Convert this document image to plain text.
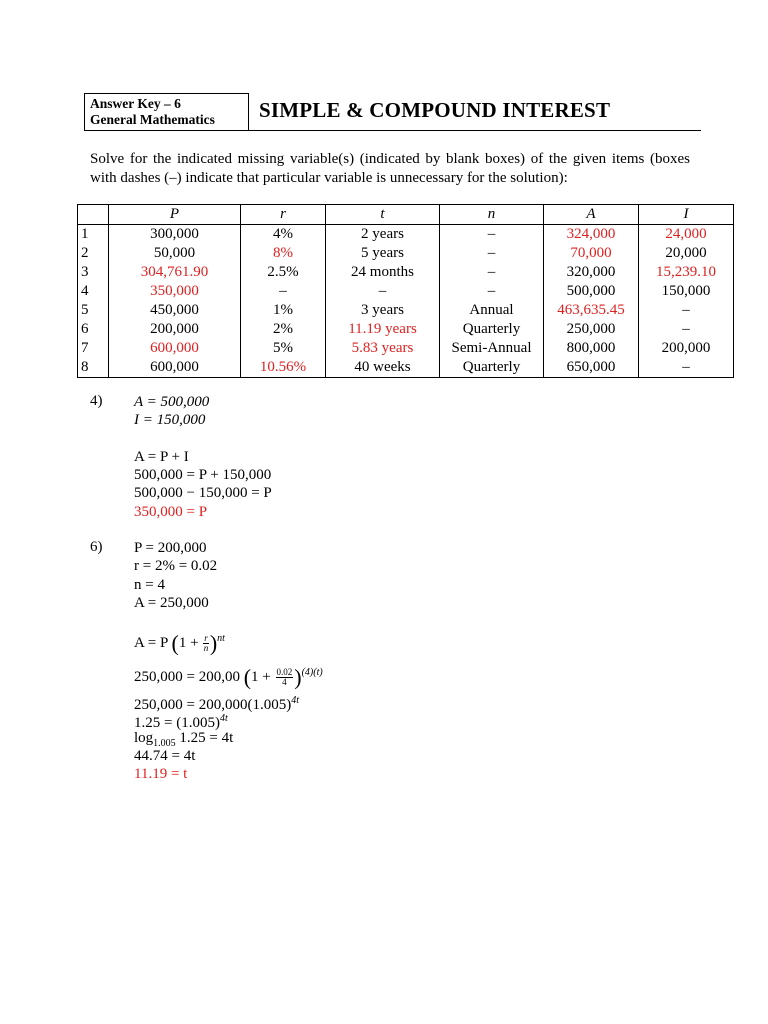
Answer Key – 6
General Mathematics	SIMPLE & COMPOUND INTEREST
Solve for the indicated missing variable(s) (indicated by blank boxes) of the given items (boxes with dashes (–) indicate that particular variable is unnecessary for the solution):
	P	r	t	n	A	I
1	300,000	4%	2 years	–	324,000	24,000
2	50,000	8%	5 years	–	70,000	20,000
3	304,761.90	2.5%	24 months	–	320,000	15,239.10
4	350,000	–	–	–	500,000	150,000
5	450,000	1%	3 years	Annual	463,635.45	–
6	200,000	2%	11.19 years	Quarterly	250,000	–
7	600,000	5%	5.83 years	Semi-Annual	800,000	200,000
8	600,000	10.56%	40 weeks	Quarterly	650,000	–
4) A = 500,000
I = 150,000
A = P + I
500,000 = P + 150,000
500,000 − 150,000 = P
350,000 = P
6) P = 200,000
r = 2% = 0.02
n = 4
A = 250,000
A = P $(1 + \frac{r}{n} )^{nt}$
250,000 = 200,00 $(1 + \frac{0.02}{4} )^{(4)(t)}$
$250,000 = 200,000(1.005)^{4t}$
$1.25 = (1.005)^{4t}$
$\log_{1.005} 1.25 = 4t$
44.74 = 4t
11.19 = t
